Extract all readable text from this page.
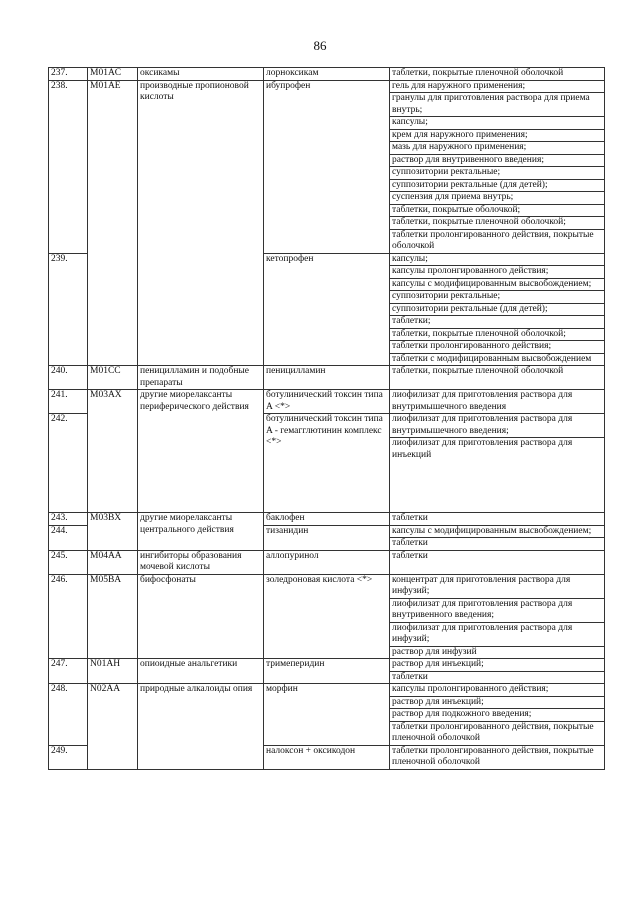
86
237.	M01AC	оксикамы	лорноксикам	таблетки, покрытые пленочной оболочкой
238.	M01AE	производные пропионовой кислоты	ибупрофен	гель для наружного применения;
				гранулы для приготовления раствора для приема внутрь;
				капсулы;
				крем для наружного применения;
				мазь для наружного применения;
				раствор для внутривенного введения;
				суппозитории ректальные;
				суппозитории ректальные (для детей);
				суспензия для приема внутрь;
				таблетки, покрытые оболочкой;
				таблетки, покрытые пленочной оболочкой;
				таблетки пролонгированного действия, покрытые оболочкой
239.			кетопрофен	капсулы;
				капсулы пролонгированного действия;
				капсулы с модифицированным высвобождением;
				суппозитории ректальные;
				суппозитории ректальные (для детей);
				таблетки;
				таблетки, покрытые пленочной оболочкой;
				таблетки пролонгированного действия;
				таблетки с модифицированным высвобождением
240.	M01CC	пеницилламин и подобные препараты	пеницилламин	таблетки, покрытые пленочной оболочкой
241.	M03AX	другие миорелаксанты периферического действия	ботулинический токсин типа A <*>	лиофилизат для приготовления раствора для внутримышечного введения
242.			ботулинический токсин типа A - гемагглютинин комплекс <*>	лиофилизат для приготовления раствора для внутримышечного введения;
				лиофилизат для приготовления раствора для инъекций
243.	M03BX	другие миорелаксанты центрального действия	баклофен	таблетки
244.			тизанидин	капсулы с модифицированным высвобождением;
				таблетки
245.	M04AA	ингибиторы образования мочевой кислоты	аллопуринол	таблетки
246.	M05BA	бифосфонаты	золедроновая кислота <*>	концентрат для приготовления раствора для инфузий;
				лиофилизат для приготовления раствора для внутривенного введения;
				лиофилизат для приготовления раствора для инфузий;
				раствор для инфузий
247.	N01AH	опиоидные анальгетики	тримеперидин	раствор для инъекций;
				таблетки
248.	N02AA	природные алкалоиды опия	морфин	капсулы пролонгированного действия;
				раствор для инъекций;
				раствор для подкожного введения;
				таблетки пролонгированного действия, покрытые пленочной оболочкой
249.			налоксон + оксикодон	таблетки пролонгированного действия, покрытые пленочной оболочкой
